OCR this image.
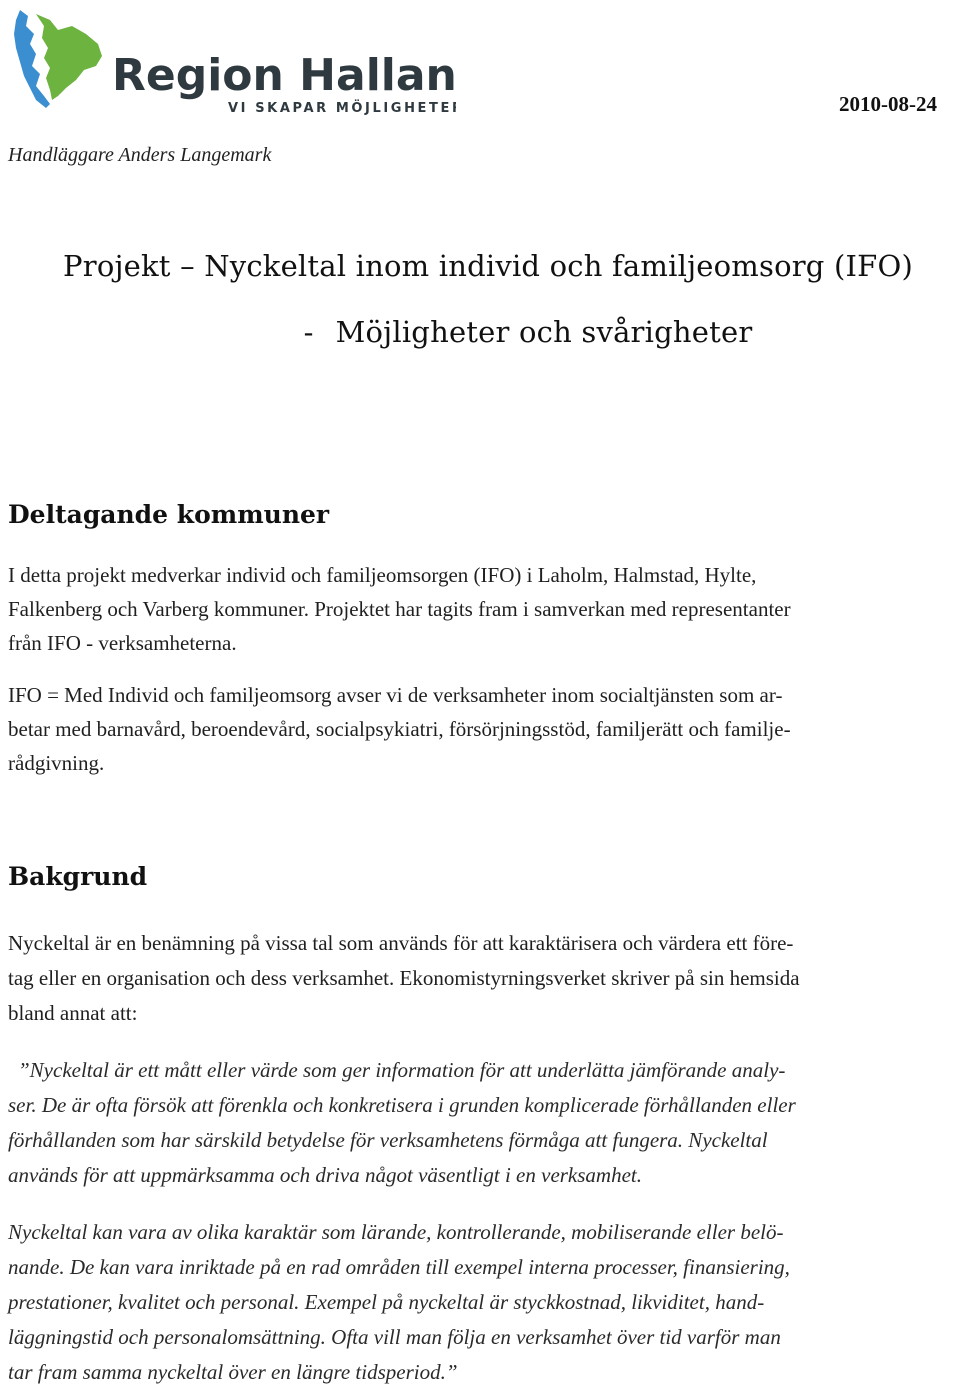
Region Halland
VI SKAPAR MÖJLIGHETER	2010-08-24
Handläggare Anders Langemark
Projekt – Nyckeltal inom individ och familjeomsorg (IFO)
- Möjligheter och svårigheter
Deltagande kommuner
I detta projekt medverkar individ och familjeomsorgen (IFO) i Laholm, Halmstad, Hylte,
Falkenberg och Varberg kommuner. Projektet har tagits fram i samverkan med representanter
från IFO - verksamheterna.
IFO = Med Individ och familjeomsorg avser vi de verksamheter inom socialtjänsten som ar-
betar med barnavård, beroendevård, socialpsykiatri, försörjningsstöd, familjerätt och familje-
rådgivning.
Bakgrund
Nyckeltal är en benämning på vissa tal som används för att karaktärisera och värdera ett före-
tag eller en organisation och dess verksamhet. Ekonomistyrningsverket skriver på sin hemsida
bland annat att:
”Nyckeltal är ett mått eller värde som ger information för att underlätta jämförande analy-
ser. De är ofta försök att förenkla och konkretisera i grunden komplicerade förhållanden eller
förhållanden som har särskild betydelse för verksamhetens förmåga att fungera. Nyckeltal
används för att uppmärksamma och driva något väsentligt i en verksamhet.
Nyckeltal kan vara av olika karaktär som lärande, kontrollerande, mobiliserande eller belö-
nande. De kan vara inriktade på en rad områden till exempel interna processer, finansiering,
prestationer, kvalitet och personal. Exempel på nyckeltal är styckkostnad, likviditet, hand-
läggningstid och personalomsättning. Ofta vill man följa en verksamhet över tid varför man
tar fram samma nyckeltal över en längre tidsperiod.”
